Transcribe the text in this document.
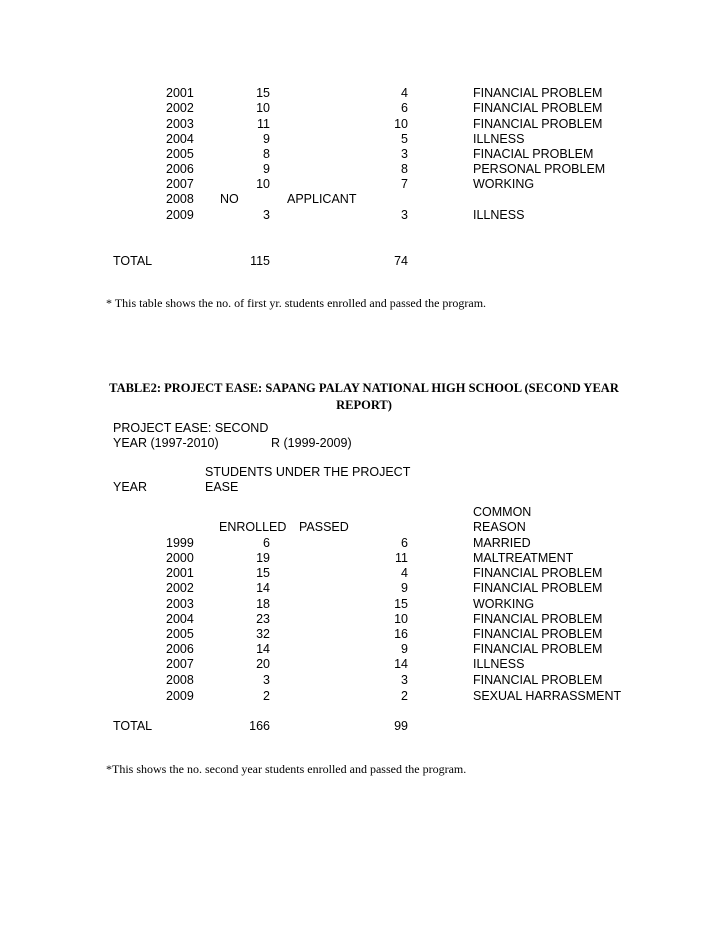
2001	15	4	FINANCIAL PROBLEM
2002	10	6	FINANCIAL PROBLEM
2003	11	10	FINANCIAL PROBLEM
2004	9	5	ILLNESS
2005	8	3	FINACIAL PROBLEM
2006	9	8	PERSONAL PROBLEM
2007	10	7	WORKING
2008 NO	APPLICANT
2009	3	3	ILLNESS
TOTAL	115	74
* This table shows the no. of first yr. students enrolled and passed the program.
TABLE2: PROJECT EASE: SAPANG PALAY NATIONAL HIGH SCHOOL (SECOND YEAR REPORT)
PROJECT EASE: SECOND
YEAR (1997-2010)	R (1999-2009)
STUDENTS UNDER THE PROJECT
EASE
YEAR
COMMON
ENROLLED PASSED	REASON
1999	6	6	MARRIED
2000	19	11	MALTREATMENT
2001	15	4	FINANCIAL PROBLEM
2002	14	9	FINANCIAL PROBLEM
2003	18	15	WORKING
2004	23	10	FINANCIAL PROBLEM
2005	32	16	FINANCIAL PROBLEM
2006	14	9	FINANCIAL PROBLEM
2007	20	14	ILLNESS
2008	3	3	FINANCIAL PROBLEM
2009	2	2	SEXUAL HARRASSMENT
TOTAL	166	99
*This shows the no. second year students enrolled and passed the program.
